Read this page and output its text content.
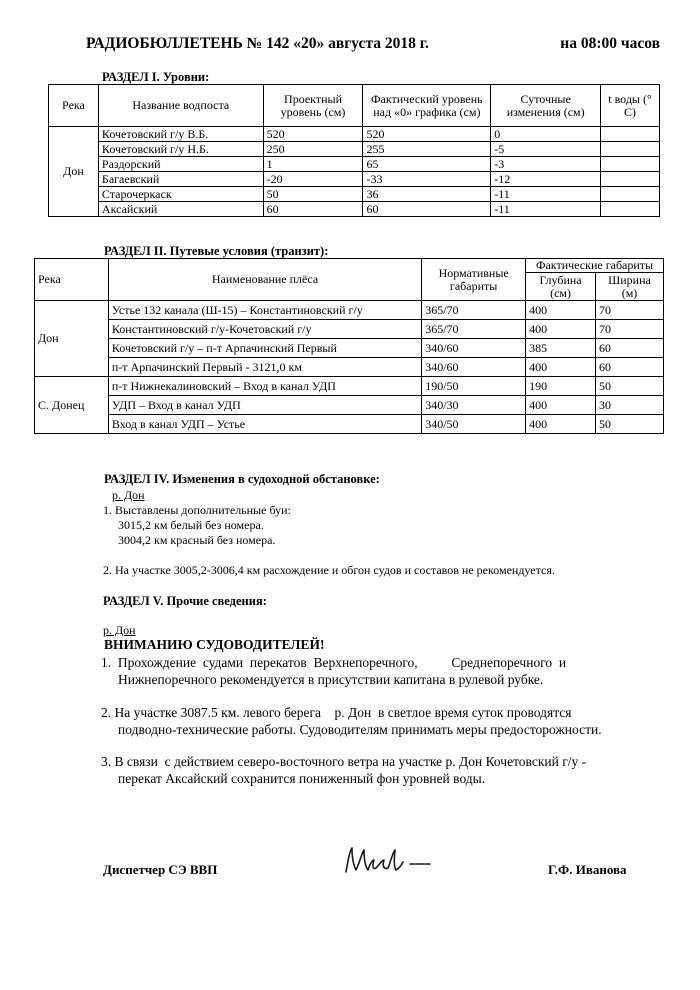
РАДИОБЮЛЛЕТЕНЬ № 142 «20» августа 2018 г.	на 08:00 часов
РАЗДЕЛ I. Уровни:
Река	Название водпоста	Проектный уровень (см)	Фактический уровень над «0» графика (см)	Суточные изменения (см)	t воды (° С)
Дон	Кочетовский г/у В.Б.	520	520	0	
	Кочетовский г/у Н.Б.	250	255	-5	
	Раздорский	1	65	-3	
	Багаевский	-20	-33	-12	
	Старочеркаск	50	36	-11	
	Аксайский	60	60	-11	
РАЗДЕЛ II. Путевые условия (транзит):
Река	Наименование плёса	Нормативные габариты	Фактические габариты	
			Глубина (см)	Ширина (м)
Дон	Устье 132 канала (Ш-15) – Константиновский г/у	365/70	400	70
	Константиновский г/у-Кочетовский г/у	365/70	400	70
	Кочетовский г/у – п-т Арпачинский Первый	340/60	385	60
	п-т Арпачинский Первый - 3121,0 км	340/60	400	60
С. Донец	п-т Нижнекалиновский – Вход в канал УДП	190/50	190	50
	УДП – Вход в канал УДП	340/30	400	30
	Вход в канал УДП – Устье	340/50	400	50
РАЗДЕЛ IV. Изменения в судоходной обстановке:
р. Дон
1. Выставлены дополнительные буи:
3015,2 км белый без номера.
3004,2 км красный без номера.
2. На участке 3005,2-3006,4 км расхождение и обгон судов и составов не рекомендуется.
РАЗДЕЛ V. Прочие сведения:
р. Дон
ВНИМАНИЮ СУДОВОДИТЕЛЕЙ!
1.  Прохождение  судами  перекатов  Верхнепоречного,          Среднепоречного  и
Нижнепоречного рекомендуется в присутствии капитана в рулевой рубке.
2. На участке 3087.5 км. левого берега    р. Дон  в светлое время суток проводятся
подводно-технические работы. Судоводителям принимать меры предосторожности.
3. В связи  с действием северо-восточного ветра на участке р. Дон Кочетовский г/у -
перекат Аксайский сохранится пониженный фон уровней воды.
Диспетчер СЭ ВВП	Г.Ф. Иванова
